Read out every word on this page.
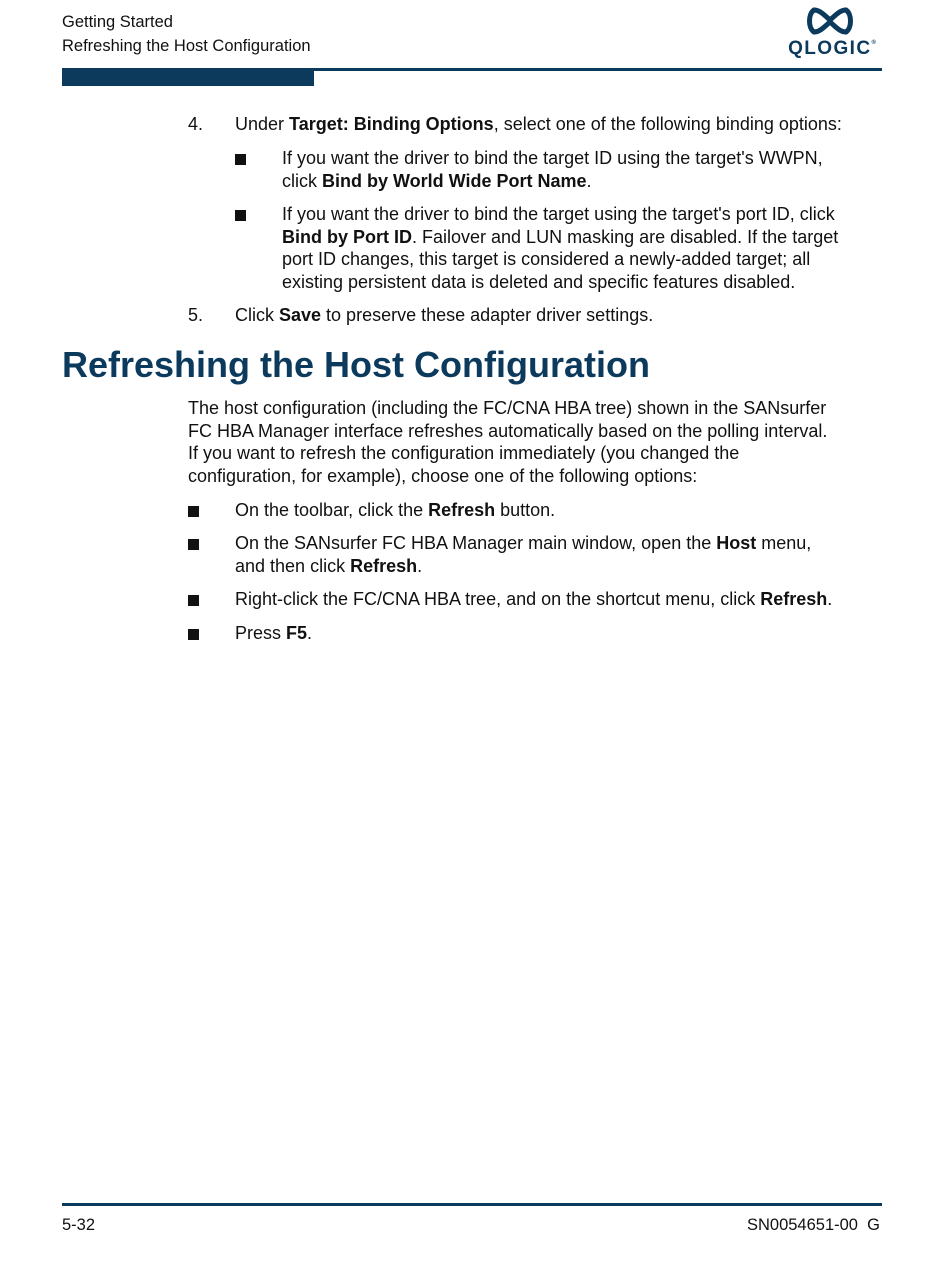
Getting Started
Refreshing the Host Configuration	QLOGIC®
4. Under Target: Binding Options, select one of the following binding options:
If you want the driver to bind the target ID using the target's WWPN,
click Bind by World Wide Port Name.
If you want the driver to bind the target using the target's port ID, click
Bind by Port ID. Failover and LUN masking are disabled. If the target
port ID changes, this target is considered a newly-added target; all
existing persistent data is deleted and specific features disabled.
5. Click Save to preserve these adapter driver settings.
Refreshing the Host Configuration
The host configuration (including the FC/CNA HBA tree) shown in the SANsurfer
FC HBA Manager interface refreshes automatically based on the polling interval.
If you want to refresh the configuration immediately (you changed the
configuration, for example), choose one of the following options:
On the toolbar, click the Refresh button.
On the SANsurfer FC HBA Manager main window, open the Host menu,
and then click Refresh.
Right-click the FC/CNA HBA tree, and on the shortcut menu, click Refresh.
Press F5.
5-32	SN0054651-00  G
